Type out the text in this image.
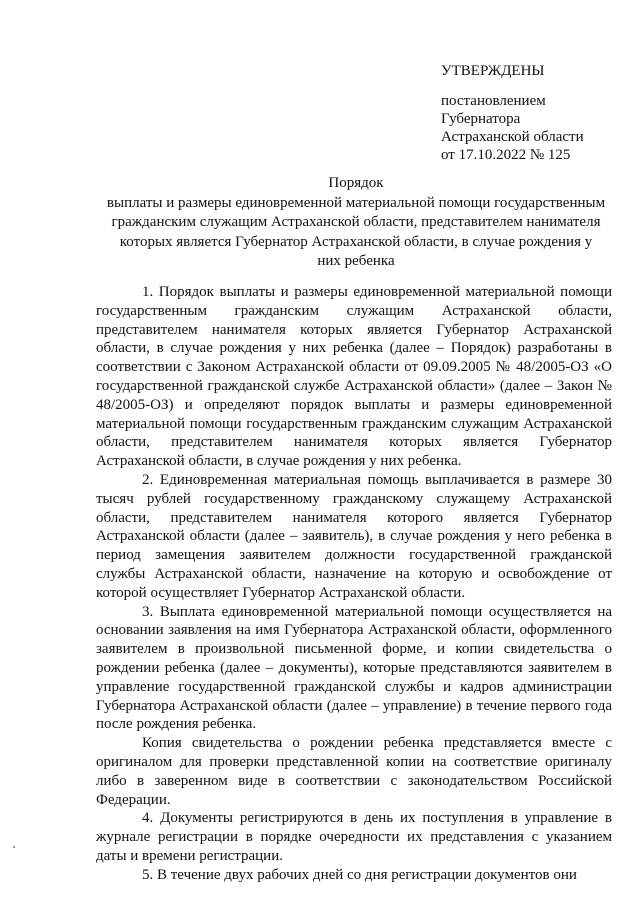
УТВЕРЖДЕНЫ
постановлением
Губернатора
Астраханской области
от 17.10.2022 № 125
Порядок
выплаты и размеры единовременной материальной помощи государственным
гражданским служащим Астраханской области, представителем нанимателя
которых является Губернатор Астраханской области, в случае рождения у
них ребенка

1. Порядок выплаты и размеры единовременной материальной помощи государственным гражданским служащим Астраханской области, представителем нанимателя которых является Губернатор Астраханской области, в случае рождения у них ребенка (далее – Порядок) разработаны в соответствии с Законом Астраханской области от 09.09.2005 № 48/2005-ОЗ «О государственной гражданской службе Астраханской области» (далее – Закон № 48/2005-ОЗ) и определяют порядок выплаты и размеры единовременной материальной помощи государственным гражданским служащим Астраханской области, представителем нанимателя которых является Губернатор Астраханской области, в случае рождения у них ребенка.

2. Единовременная материальная помощь выплачивается в размере 30 тысяч рублей государственному гражданскому служащему Астраханской области, представителем нанимателя которого является Губернатор Астраханской области (далее – заявитель), в случае рождения у него ребенка в период замещения заявителем должности государственной гражданской службы Астраханской области, назначение на которую и освобождение от которой осуществляет Губернатор Астраханской области.

3. Выплата единовременной материальной помощи осуществляется на основании заявления на имя Губернатора Астраханской области, оформленного заявителем в произвольной письменной форме, и копии свидетельства о рождении ребенка (далее – документы), которые представляются заявителем в управление государственной гражданской службы и кадров администрации Губернатора Астраханской области (далее – управление) в течение первого года после рождения ребенка.

Копия свидетельства о рождении ребенка представляется вместе с оригиналом для проверки представленной копии на соответствие оригиналу либо в заверенном виде в соответствии с законодательством Российской Федерации.

4. Документы регистрируются в день их поступления в управление в журнале регистрации в порядке очередности их представления с указанием даты и времени регистрации.

5. В течение двух рабочих дней со дня регистрации документов они
